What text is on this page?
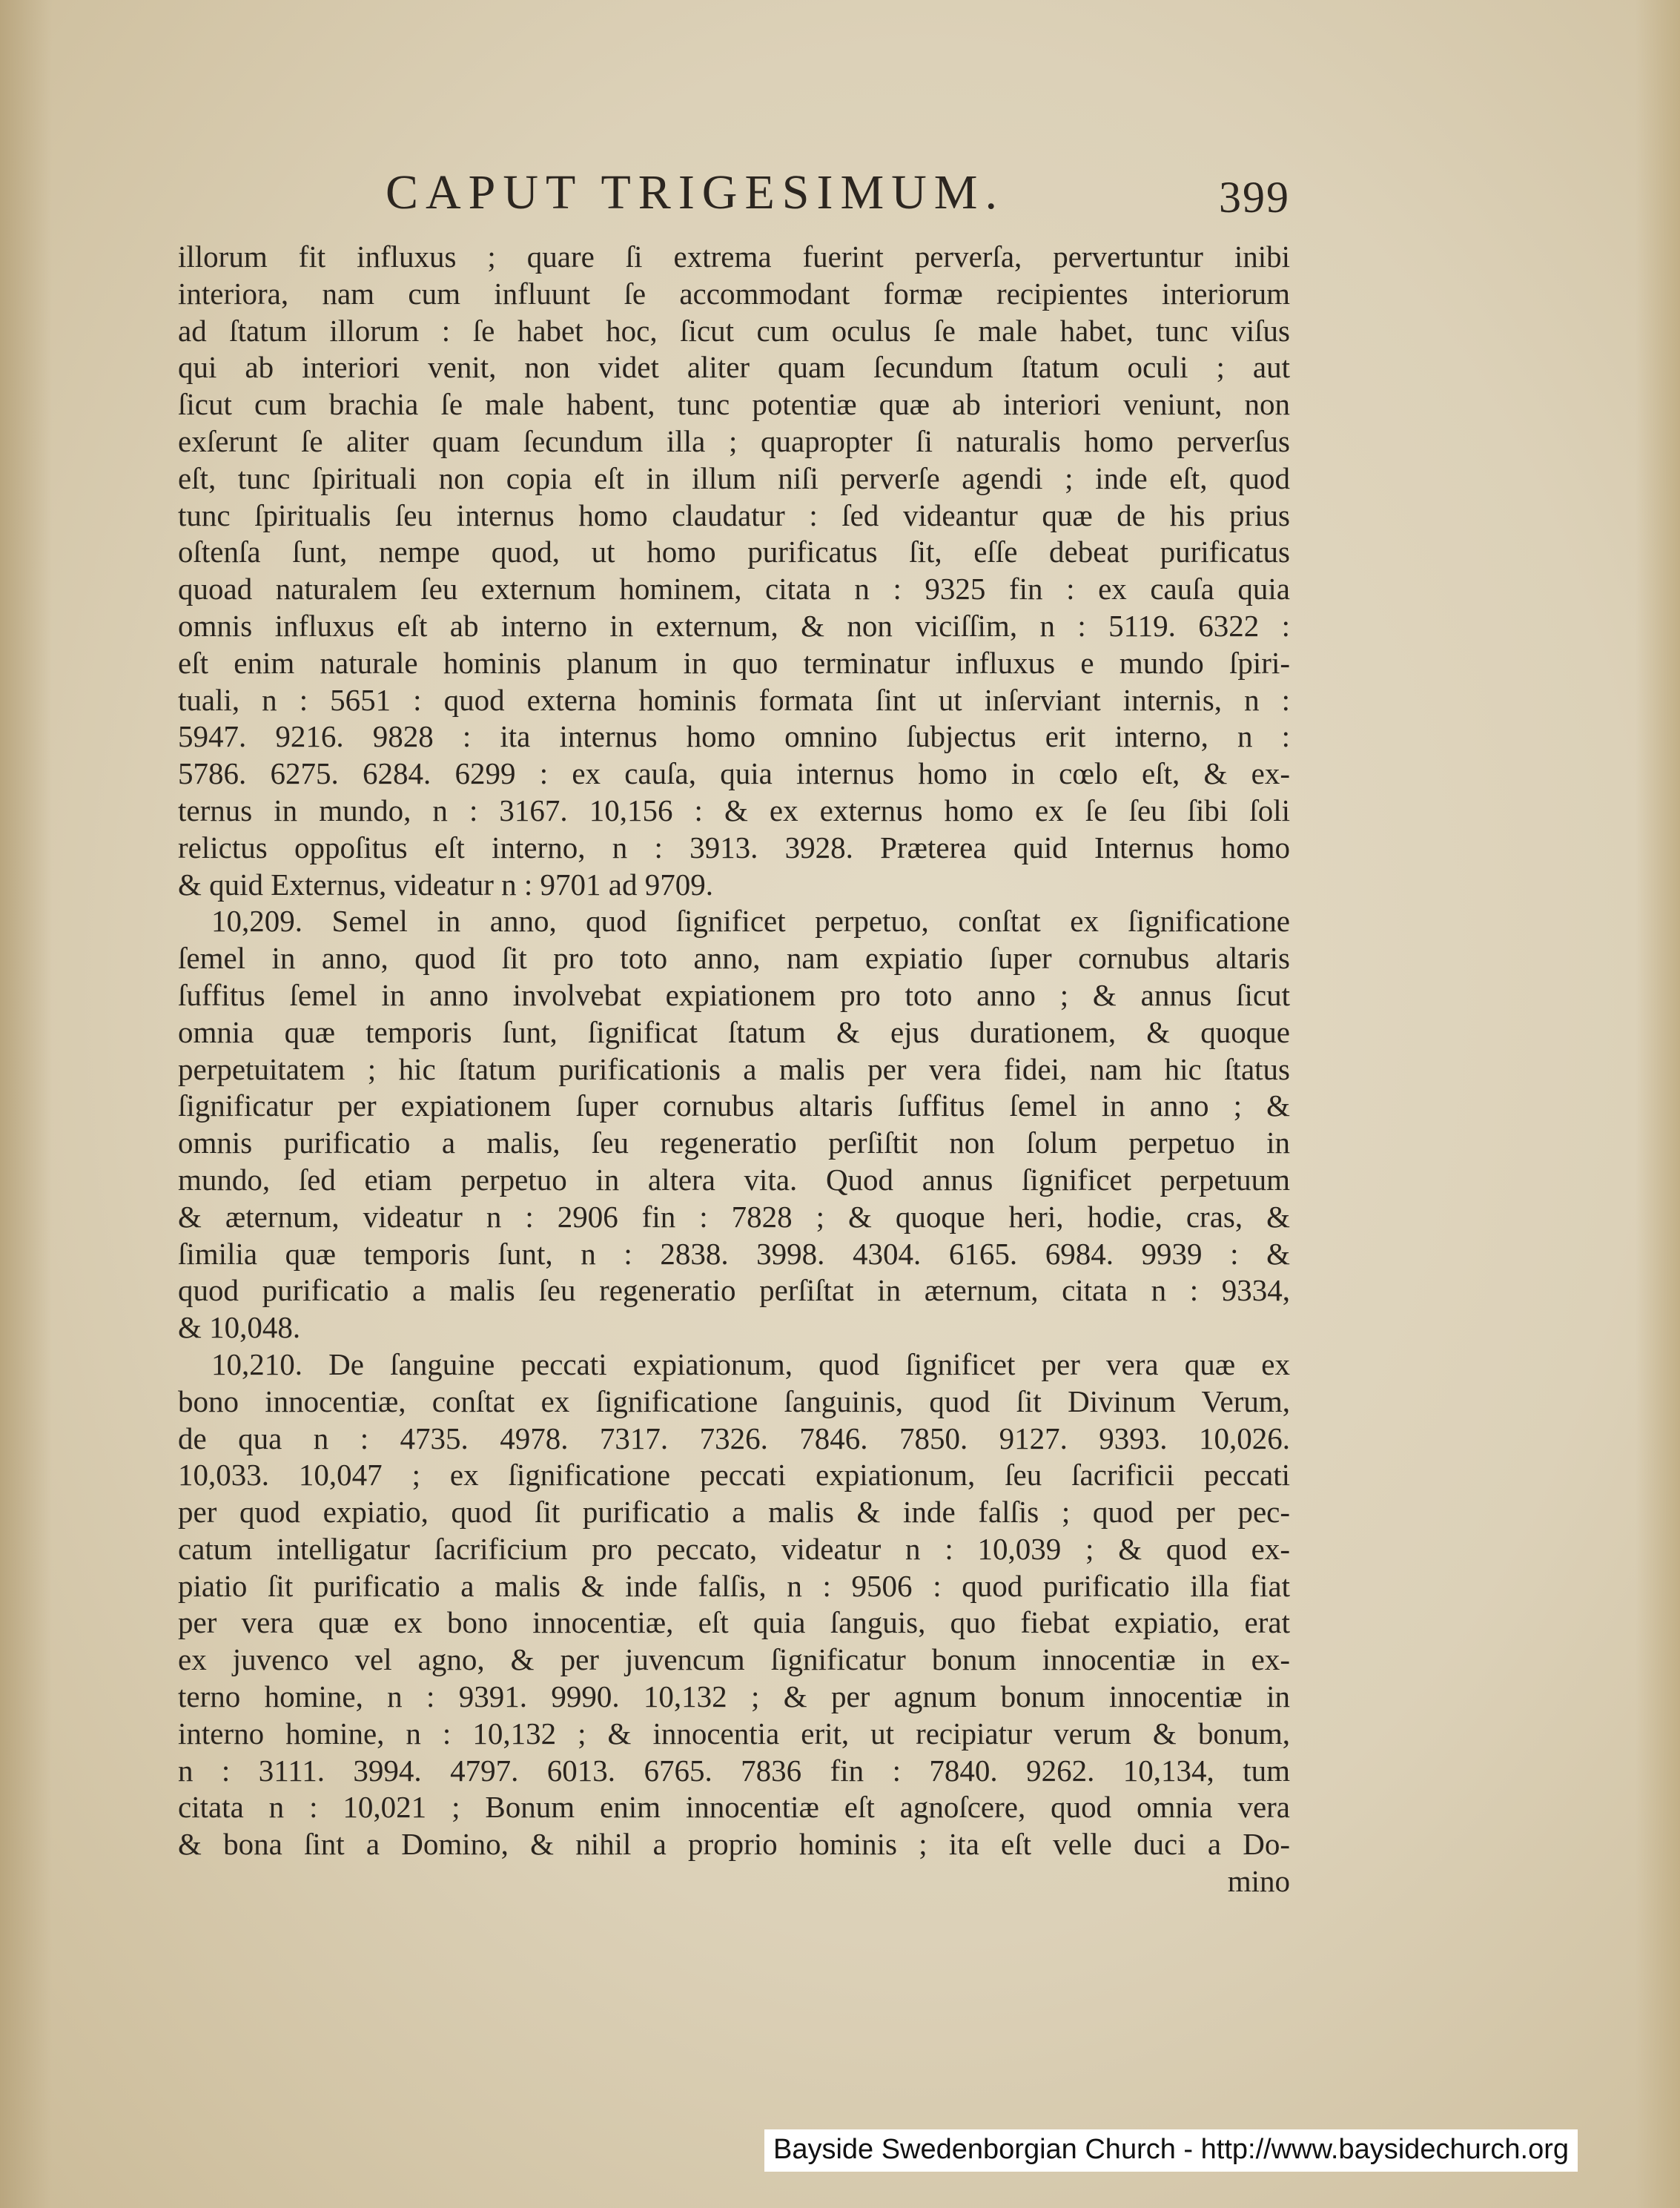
CAPUT TRIGESIMUM.	399
illorum fit influxus ; quare ſi extrema fuerint perverſa, pervertuntur inibi
interiora, nam cum influunt ſe accommodant formæ recipientes interiorum
ad ſtatum illorum : ſe habet hoc, ſicut cum oculus ſe male habet, tunc viſus
qui ab interiori venit, non videt aliter quam ſecundum ſtatum oculi ; aut
ſicut cum brachia ſe male habent, tunc potentiæ quæ ab interiori veniunt, non
exſerunt ſe aliter quam ſecundum illa ; quapropter ſi naturalis homo perverſus
eſt, tunc ſpirituali non copia eſt in illum niſi perverſe agendi ; inde eſt, quod
tunc ſpiritualis ſeu internus homo claudatur : ſed videantur quæ de his prius
oſtenſa ſunt, nempe quod, ut homo purificatus ſit, eſſe debeat purificatus
quoad naturalem ſeu externum hominem, citata n : 9325 fin : ex cauſa quia
omnis influxus eſt ab interno in externum, & non viciſſim, n : 5119. 6322 :
eſt enim naturale hominis planum in quo terminatur influxus e mundo ſpiri-
tuali, n : 5651 : quod externa hominis formata ſint ut inſerviant internis, n :
5947. 9216. 9828 : ita internus homo omnino ſubjectus erit interno, n :
5786. 6275. 6284. 6299 : ex cauſa, quia internus homo in cœlo eſt, & ex-
ternus in mundo, n : 3167. 10,156 : & ex externus homo ex ſe ſeu ſibi ſoli
relictus oppoſitus eſt interno, n : 3913. 3928. Præterea quid Internus homo
& quid Externus, videatur n : 9701 ad 9709.
10,209. Semel in anno, quod ſignificet perpetuo, conſtat ex ſignificatione
ſemel in anno, quod ſit pro toto anno, nam expiatio ſuper cornubus altaris
ſuffitus ſemel in anno involvebat expiationem pro toto anno ; & annus ſicut
omnia quæ temporis ſunt, ſignificat ſtatum & ejus durationem, & quoque
perpetuitatem ; hic ſtatum purificationis a malis per vera fidei, nam hic ſtatus
ſignificatur per expiationem ſuper cornubus altaris ſuffitus ſemel in anno ; &
omnis purificatio a malis, ſeu regeneratio perſiſtit non ſolum perpetuo in
mundo, ſed etiam perpetuo in altera vita. Quod annus ſignificet perpetuum
& æternum, videatur n : 2906 fin : 7828 ; & quoque heri, hodie, cras, &
ſimilia quæ temporis ſunt, n : 2838. 3998. 4304. 6165. 6984. 9939 : &
quod purificatio a malis ſeu regeneratio perſiſtat in æternum, citata n : 9334,
& 10,048.
10,210. De ſanguine peccati expiationum, quod ſignificet per vera quæ ex
bono innocentiæ, conſtat ex ſignificatione ſanguinis, quod ſit Divinum Verum,
de qua n : 4735. 4978. 7317. 7326. 7846. 7850. 9127. 9393. 10,026.
10,033. 10,047 ; ex ſignificatione peccati expiationum, ſeu ſacrificii peccati
per quod expiatio, quod ſit purificatio a malis & inde falſis ; quod per pec-
catum intelligatur ſacrificium pro peccato, videatur n : 10,039 ; & quod ex-
piatio ſit purificatio a malis & inde falſis, n : 9506 : quod purificatio illa fiat
per vera quæ ex bono innocentiæ, eſt quia ſanguis, quo fiebat expiatio, erat
ex juvenco vel agno, & per juvencum ſignificatur bonum innocentiæ in ex-
terno homine, n : 9391. 9990. 10,132 ; & per agnum bonum innocentiæ in
interno homine, n : 10,132 ; & innocentia erit, ut recipiatur verum & bonum,
n : 3111. 3994. 4797. 6013. 6765. 7836 fin : 7840. 9262. 10,134, tum
citata n : 10,021 ; Bonum enim innocentiæ eſt agnoſcere, quod omnia vera
& bona ſint a Domino, & nihil a proprio hominis ; ita eſt velle duci a Do-
mino
Bayside Swedenborgian Church - http://www.baysidechurch.org
